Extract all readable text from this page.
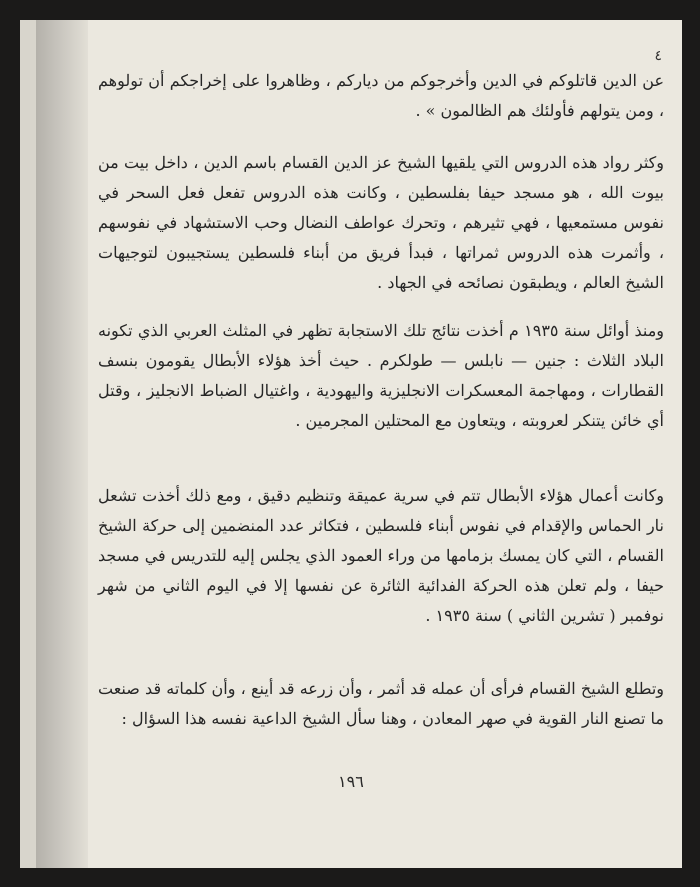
٤

عن الدين قاتلوكم في الدين وأخرجوكم من دياركم ، وظاهروا على إخراجكم أن تولوهم ، ومن يتولهم فأولئك هم الظالمون » .

وكثر رواد هذه الدروس التي يلقيها الشيخ عز الدين القسام باسم الدين ، داخل بيت من بيوت الله ، هو مسجد حيفا بفلسطين ، وكانت هذه الدروس تفعل فعل السحر في نفوس مستمعيها ، فهي تثيرهم ، وتحرك عواطف النضال وحب الاستشهاد في نفوسهم ، وأثمرت هذه الدروس ثمراتها ، فبدأ فريق من أبناء فلسطين يستجيبون لتوجيهات الشيخ العالم ، ويطبقون نصائحه في الجهاد .

ومنذ أوائل سنة ١٩٣٥ م أخذت نتائج تلك الاستجابة تظهر في المثلث العربي الذي تكونه البلاد الثلاث : جنين — نابلس — طولكرم . حيث أخذ هؤلاء الأبطال يقومون بنسف القطارات ، ومهاجمة المعسكرات الانجليزية واليهودية ، واغتيال الضباط الانجليز ، وقتل أي خائن يتنكر لعروبته ، ويتعاون مع المحتلين المجرمين .

وكانت أعمال هؤلاء الأبطال تتم في سرية عميقة وتنظيم دقيق ، ومع ذلك أخذت تشعل نار الحماس والإقدام في نفوس أبناء فلسطين ، فتكاثر عدد المنضمين إلى حركة الشيخ القسام ، التي كان يمسك بزمامها من وراء العمود الذي يجلس إليه للتدريس في مسجد حيفا ، ولم تعلن هذه الحركة الفدائية الثائرة عن نفسها إلا في اليوم الثاني من شهر نوفمبر ( تشرين الثاني ) سنة ١٩٣٥ .

وتطلع الشيخ القسام فرأى أن عمله قد أثمر ، وأن زرعه قد أينع ، وأن كلماته قد صنعت ما تصنع النار القوية في صهر المعادن ، وهنا سأل الشيخ الداعية نفسه هذا السؤال :

١٩٦
